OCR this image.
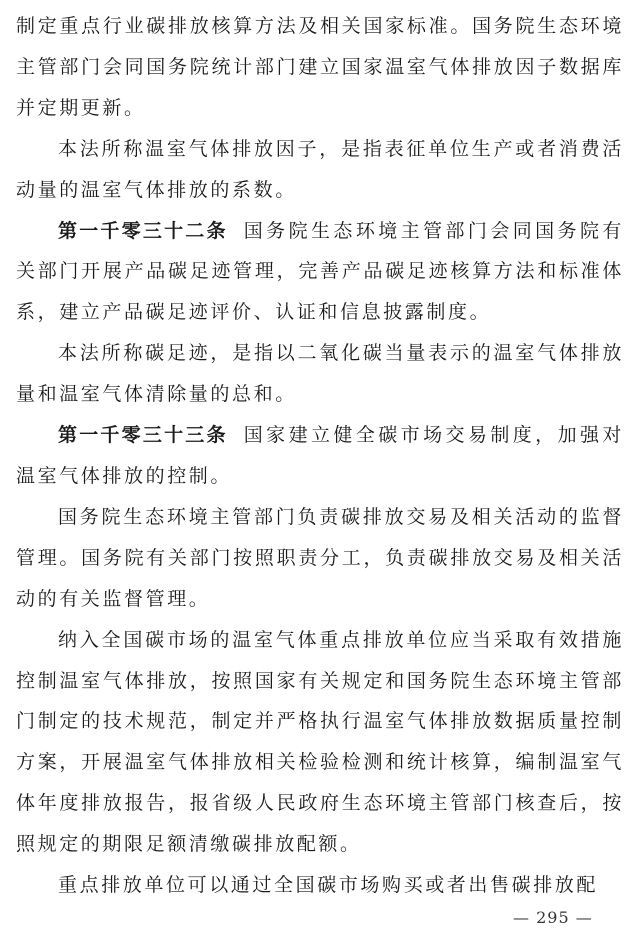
制定重点行业碳排放核算方法及相关国家标准。国务院生态环境主管部门会同国务院统计部门建立国家温室气体排放因子数据库并定期更新。

本法所称温室气体排放因子，是指表征单位生产或者消费活动量的温室气体排放的系数。

第一千零三十二条 国务院生态环境主管部门会同国务院有关部门开展产品碳足迹管理，完善产品碳足迹核算方法和标准体系，建立产品碳足迹评价、认证和信息披露制度。

本法所称碳足迹，是指以二氧化碳当量表示的温室气体排放量和温室气体清除量的总和。

第一千零三十三条 国家建立健全碳市场交易制度，加强对温室气体排放的控制。

国务院生态环境主管部门负责碳排放交易及相关活动的监督管理。国务院有关部门按照职责分工，负责碳排放交易及相关活动的有关监督管理。

纳入全国碳市场的温室气体重点排放单位应当采取有效措施控制温室气体排放，按照国家有关规定和国务院生态环境主管部门制定的技术规范，制定并严格执行温室气体排放数据质量控制方案，开展温室气体排放相关检验检测和统计核算，编制温室气体年度排放报告，报省级人民政府生态环境主管部门核查后，按照规定的期限足额清缴碳排放配额。

重点排放单位可以通过全国碳市场购买或者出售碳排放配

— 295 —
